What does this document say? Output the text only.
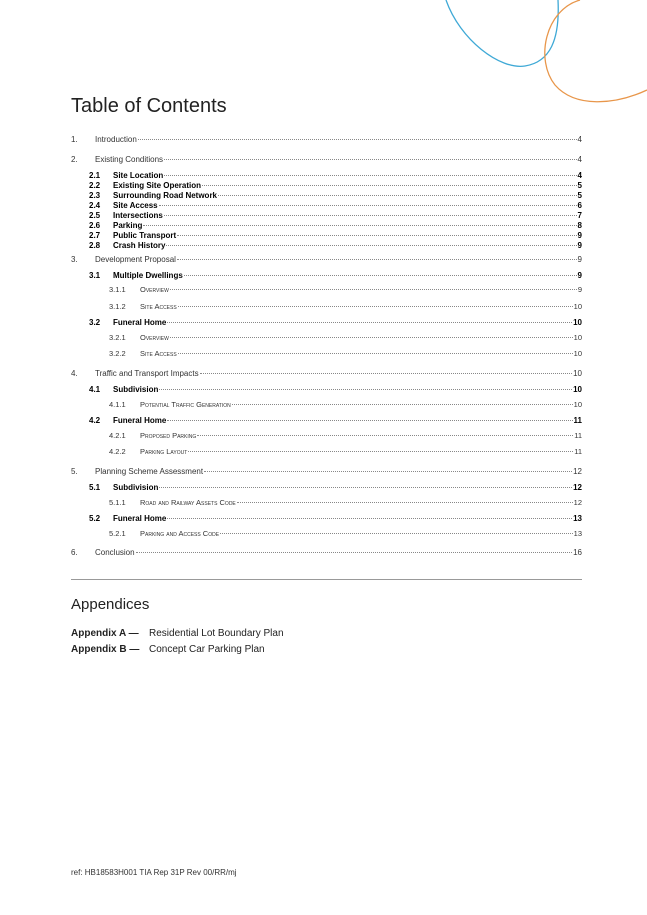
Table of Contents
1.	Introduction	4
2.	Existing Conditions	4
2.1	Site Location	4
2.2	Existing Site Operation	5
2.3	Surrounding Road Network	5
2.4	Site Access	6
2.5	Intersections	7
2.6	Parking	8
2.7	Public Transport	9
2.8	Crash History	9
3.	Development Proposal	9
3.1	Multiple Dwellings	9
3.1.1	Overview	9
3.1.2	Site Access	10
3.2	Funeral Home	10
3.2.1	Overview	10
3.2.2	Site Access	10
4.	Traffic and Transport Impacts	10
4.1	Subdivision	10
4.1.1	Potential Traffic Generation	10
4.2	Funeral Home	11
4.2.1	Proposed Parking	11
4.2.2	Parking Layout	11
5.	Planning Scheme Assessment	12
5.1	Subdivision	12
5.1.1	Road and Railway Assets Code	12
5.2	Funeral Home	13
5.2.1	Parking and Access Code	13
6.	Conclusion	16
Appendices
Appendix A — Residential Lot Boundary Plan
Appendix B — Concept Car Parking Plan
ref: HB18583H001 TIA Rep 31P Rev 00/RR/mj
